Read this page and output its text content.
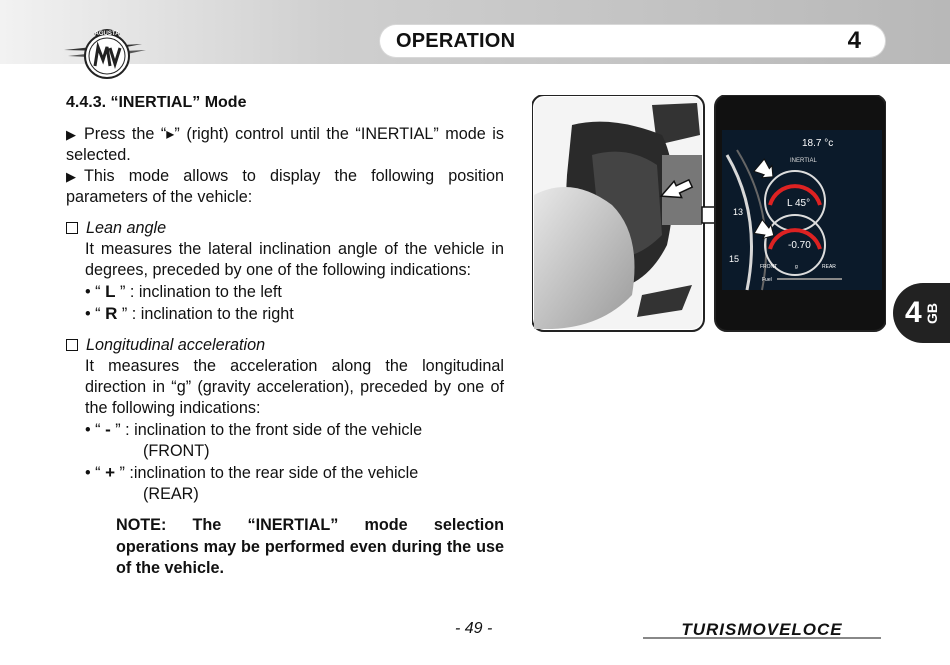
AGUSTA	OPERATION	4
4.4.3. “INERTIAL” Mode
▶ Press the “▸” (right) control until the “INERTIAL” mode is selected.
▶ This mode allows to display the following position parameters of the vehicle:
Lean angle
It measures the lateral inclination angle of the vehicle in degrees, preceded by one of the following indications:
• “ L ” : inclination to the left
• “ R ” : inclination to the right
Longitudinal acceleration
It measures the acceleration along the longitudinal direction in “g” (gravity acceleration), preceded by one of the following indications:
• “ - ” : inclination to the front side of the vehicle
(FRONT)
• “ + ” :inclination to the rear side of the vehicle
(REAR)
NOTE: The “INERTIAL” mode selection operations may be performed even during the use of the vehicle.
18.7 °c
INERTIAL
L 45°
-0.70
FRONT	g	REAR
13
15
Fuel
4 GB
- 49 -	TURISMOVELOCE
